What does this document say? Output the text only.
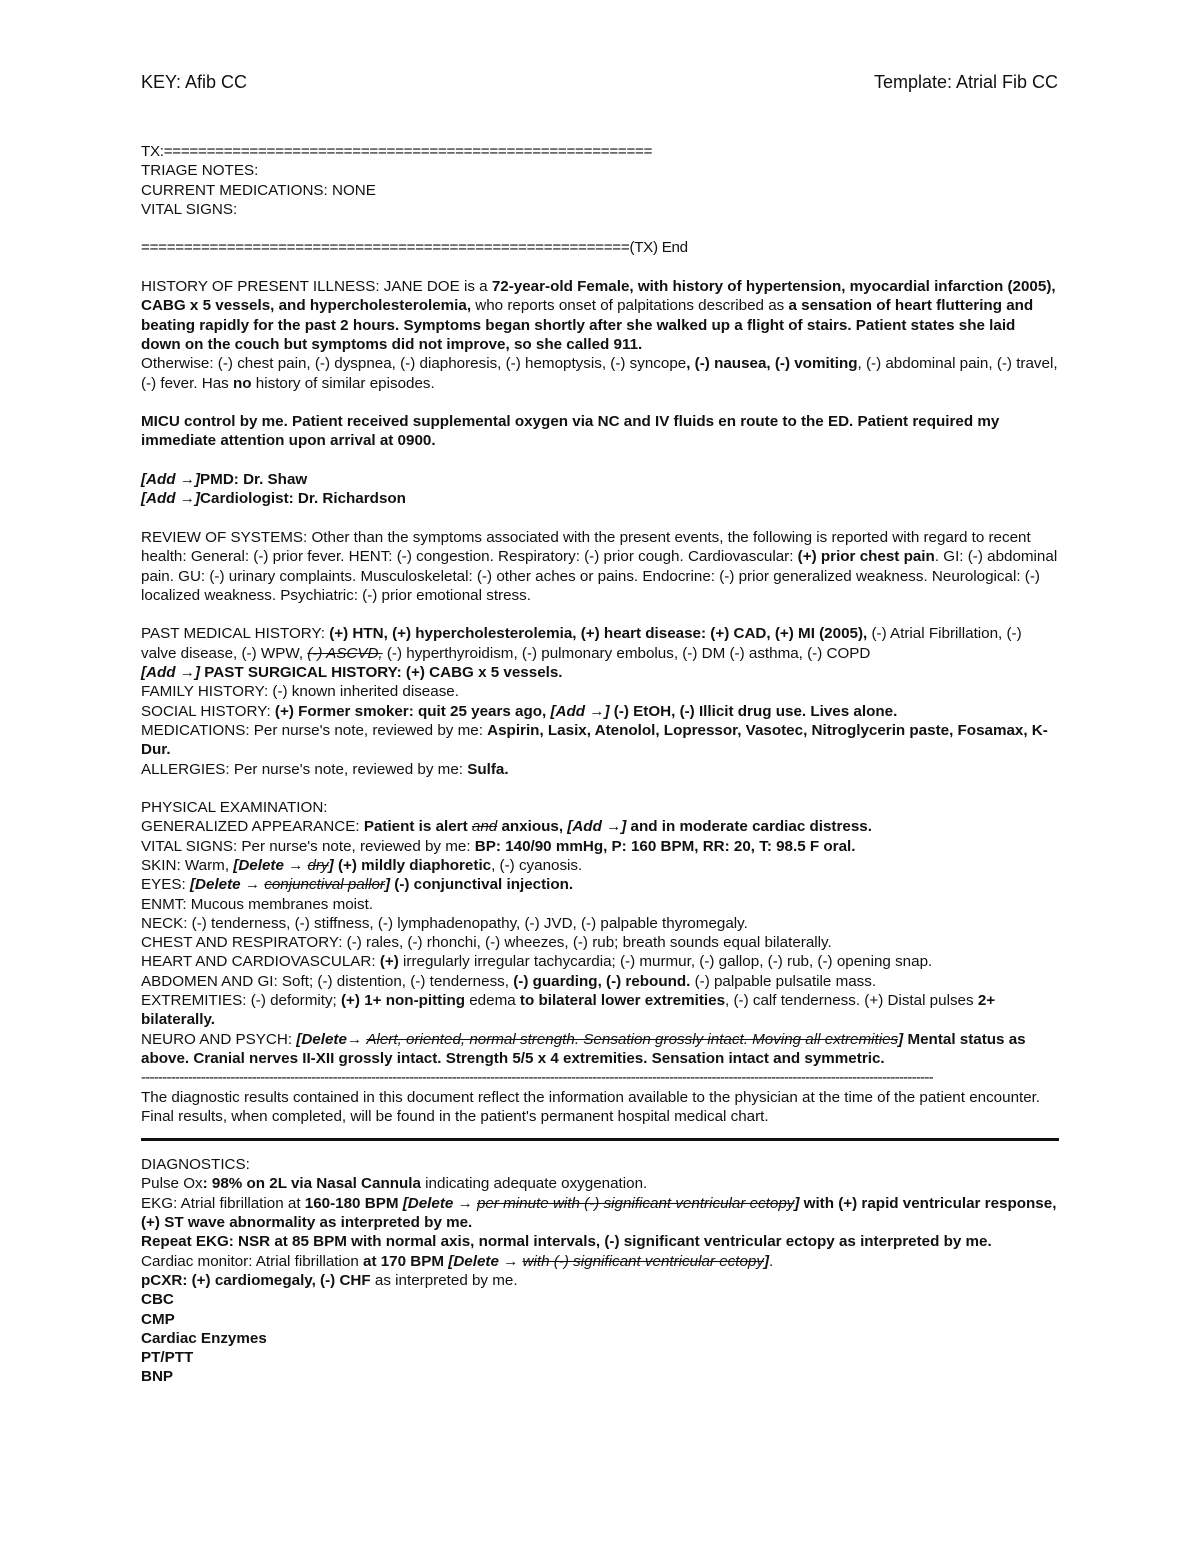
KEY: Afib CC	Template: Atrial Fib CC
TX:=========================================================
TRIAGE NOTES:
CURRENT MEDICATIONS: NONE
VITAL SIGNS:
=========================================================(TX) End

HISTORY OF PRESENT ILLNESS: JANE DOE is a 72-year-old Female, with history of hypertension, myocardial infarction (2005), CABG x 5 vessels, and hypercholesterolemia, who reports onset of palpitations described as a sensation of heart fluttering and beating rapidly for the past 2 hours. Symptoms began shortly after she walked up a flight of stairs. Patient states she laid down on the couch but symptoms did not improve, so she called 911.
Otherwise: (-) chest pain, (-) dyspnea, (-) diaphoresis, (-) hemoptysis, (-) syncope, (-) nausea, (-) vomiting, (-) abdominal pain, (-) travel, (-) fever. Has no history of similar episodes.

MICU control by me. Patient received supplemental oxygen via NC and IV fluids en route to the ED. Patient required my immediate attention upon arrival at 0900.

[Add →]PMD: Dr. Shaw
[Add →]Cardiologist: Dr. Richardson

REVIEW OF SYSTEMS: Other than the symptoms associated with the present events, the following is reported with regard to recent health: General: (-) prior fever. HENT: (-) congestion. Respiratory: (-) prior cough. Cardiovascular: (+) prior chest pain. GI: (-) abdominal pain. GU: (-) urinary complaints. Musculoskeletal: (-) other aches or pains. Endocrine: (-) prior generalized weakness. Neurological: (-) localized weakness. Psychiatric: (-) prior emotional stress.

PAST MEDICAL HISTORY: (+) HTN, (+) hypercholesterolemia, (+) heart disease: (+) CAD, (+) MI (2005), (-) Atrial Fibrillation, (-) valve disease, (-) WPW, (-) ASCVD, (-) hyperthyroidism, (-) pulmonary embolus, (-) DM (-) asthma, (-) COPD

[Add →] PAST SURGICAL HISTORY: (+) CABG x 5 vessels.
FAMILY HISTORY: (-) known inherited disease.
SOCIAL HISTORY: (+) Former smoker: quit 25 years ago, [Add →] (-) EtOH, (-) Illicit drug use. Lives alone.

MEDICATIONS: Per nurse's note, reviewed by me: Aspirin, Lasix, Atenolol, Lopressor, Vasotec, Nitroglycerin paste, Fosamax, K-Dur.

ALLERGIES: Per nurse's note, reviewed by me: Sulfa.
PHYSICAL EXAMINATION:
GENERALIZED APPEARANCE: Patient is alert and anxious, [Add →] and in moderate cardiac distress.
VITAL SIGNS: Per nurse's note, reviewed by me: BP: 140/90 mmHg, P: 160 BPM, RR: 20, T: 98.5 F oral.
SKIN: Warm, [Delete → dry] (+) mildly diaphoretic, (-) cyanosis.
EYES: [Delete → conjunctival pallor] (-) conjunctival injection.
ENMT: Mucous membranes moist.
NECK: (-) tenderness, (-) stiffness, (-) lymphadenopathy, (-) JVD, (-) palpable thyromegaly.
CHEST AND RESPIRATORY: (-) rales, (-) rhonchi, (-) wheezes, (-) rub; breath sounds equal bilaterally.
HEART AND CARDIOVASCULAR: (+) irregularly irregular tachycardia; (-) murmur, (-) gallop, (-) rub, (-) opening snap.
ABDOMEN AND GI: Soft; (-) distention, (-) tenderness, (-) guarding, (-) rebound. (-) palpable pulsatile mass.

EXTREMITIES: (-) deformity; (+) 1+ non-pitting edema to bilateral lower extremities, (-) calf tenderness. (+) Distal pulses 2+ bilaterally.

NEURO AND PSYCH: [Delete→ Alert, oriented, normal strength. Sensation grossly intact. Moving all extremities] Mental status as above. Cranial nerves II-XII grossly intact. Strength 5/5 x 4 extremities. Sensation intact and symmetric.

------------------------------------------------------------------------------------------------------------------------------------------------------------------------------------------

The diagnostic results contained in this document reflect the information available to the physician at the time of the patient encounter. Final results, when completed, will be found in the patient's permanent hospital medical chart.

DIAGNOSTICS:
Pulse Ox: 98% on 2L via Nasal Cannula indicating adequate oxygenation.

EKG: Atrial fibrillation at 160-180 BPM [Delete → per minute with (-) significant ventricular ectopy] with (+) rapid ventricular response, (+) ST wave abnormality as interpreted by me.

Repeat EKG: NSR at 85 BPM with normal axis, normal intervals, (-) significant ventricular ectopy as interpreted by me.

Cardiac monitor: Atrial fibrillation at 170 BPM [Delete → with (-) significant ventricular ectopy].
pCXR: (+) cardiomegaly, (-) CHF as interpreted by me.
CBC
CMP
Cardiac Enzymes
PT/PTT
BNP
